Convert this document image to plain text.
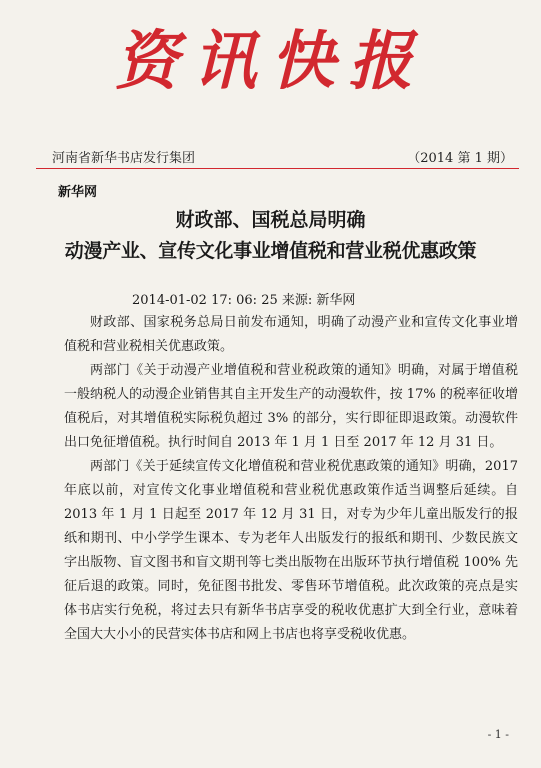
资讯快报
河南省新华书店发行集团	（2014 第 1 期）
新华网
财政部、国税总局明确
动漫产业、宣传文化事业增值税和营业税优惠政策
2014-01-02 17: 06: 25 来源: 新华网

财政部、国家税务总局日前发布通知，明确了动漫产业和宣传文化事业增值税和营业税相关优惠政策。

两部门《关于动漫产业增值税和营业税政策的通知》明确，对属于增值税一般纳税人的动漫企业销售其自主开发生产的动漫软件，按 17% 的税率征收增值税后，对其增值税实际税负超过 3% 的部分，实行即征即退政策。动漫软件出口免征增值税。执行时间自 2013 年 1 月 1 日至 2017 年 12 月 31 日。

两部门《关于延续宣传文化增值税和营业税优惠政策的通知》明确，2017 年底以前，对宣传文化事业增值税和营业税优惠政策作适当调整后延续。自 2013 年 1 月 1 日起至 2017 年 12 月 31 日，对专为少年儿童出版发行的报纸和期刊、中小学学生课本、专为老年人出版发行的报纸和期刊、少数民族文字出版物、盲文图书和盲文期刊等七类出版物在出版环节执行增值税 100% 先征后退的政策。同时，免征图书批发、零售环节增值税。此次政策的亮点是实体书店实行免税，将过去只有新华书店享受的税收优惠扩大到全行业，意味着全国大大小小的民营实体书店和网上书店也将享受税收优惠。

- 1 -
